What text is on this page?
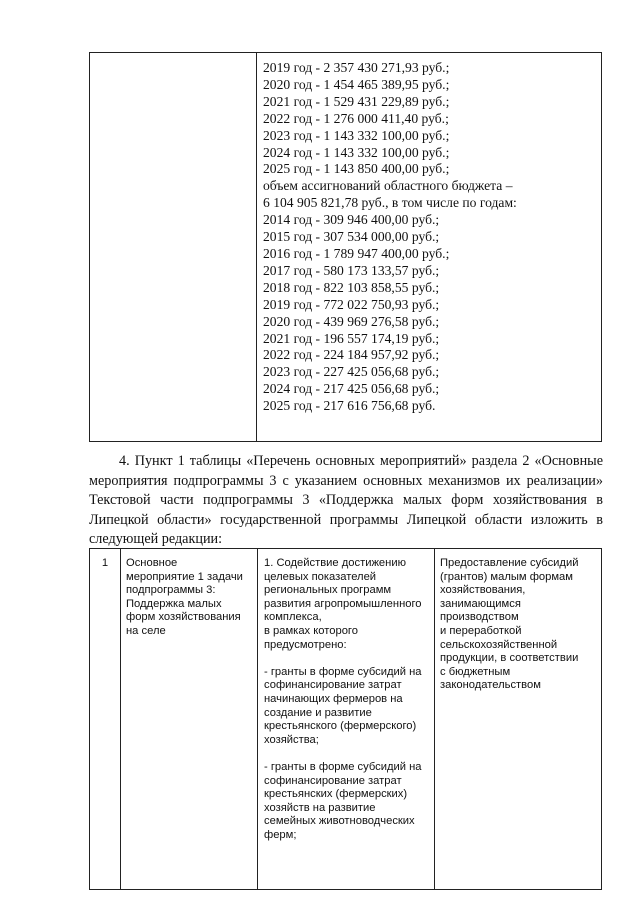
2019 год - 2 357 430 271,93 руб.;
2020 год - 1 454 465 389,95 руб.;
2021 год - 1 529 431 229,89 руб.;
2022 год - 1 276 000 411,40 руб.;
2023 год - 1 143 332 100,00 руб.;
2024 год - 1 143 332 100,00 руб.;
2025 год - 1 143 850 400,00 руб.;
объем ассигнований областного бюджета –
6 104 905 821,78 руб., в том числе по годам:
2014 год - 309 946 400,00 руб.;
2015 год - 307 534 000,00 руб.;
2016 год - 1 789 947 400,00 руб.;
2017 год - 580 173 133,57 руб.;
2018 год - 822 103 858,55 руб.;
2019 год - 772 022 750,93 руб.;
2020 год - 439 969 276,58 руб.;
2021 год - 196 557 174,19 руб.;
2022 год - 224 184 957,92 руб.;
2023 год - 227 425 056,68 руб.;
2024 год - 217 425 056,68 руб.;
2025 год - 217 616 756,68 руб.

4. Пункт 1 таблицы «Перечень основных мероприятий» раздела 2 «Основные мероприятия подпрограммы 3 с указанием основных механизмов их реализации» Текстовой части подпрограммы 3 «Поддержка малых форм хозяйствования в Липецкой области» государственной программы Липецкой области изложить в следующей редакции:

1	Основное
мероприятие 1 задачи
подпрограммы 3:
Поддержка малых
форм хозяйствования
на селе
1. Содействие достижению
целевых показателей
региональных программ
развития агропромышленного
комплекса,
в рамках которого
предусмотрено:
- гранты в форме субсидий на
софинансирование затрат
начинающих фермеров на
создание и развитие
крестьянского (фермерского)
хозяйства;
- гранты в форме субсидий на
софинансирование затрат
крестьянских (фермерских)
хозяйств на развитие
семейных животноводческих
ферм;
Предоставление субсидий
(грантов) малым формам
хозяйствования,
занимающимся
производством
и переработкой
сельскохозяйственной
продукции, в соответствии
с бюджетным
законодательством
